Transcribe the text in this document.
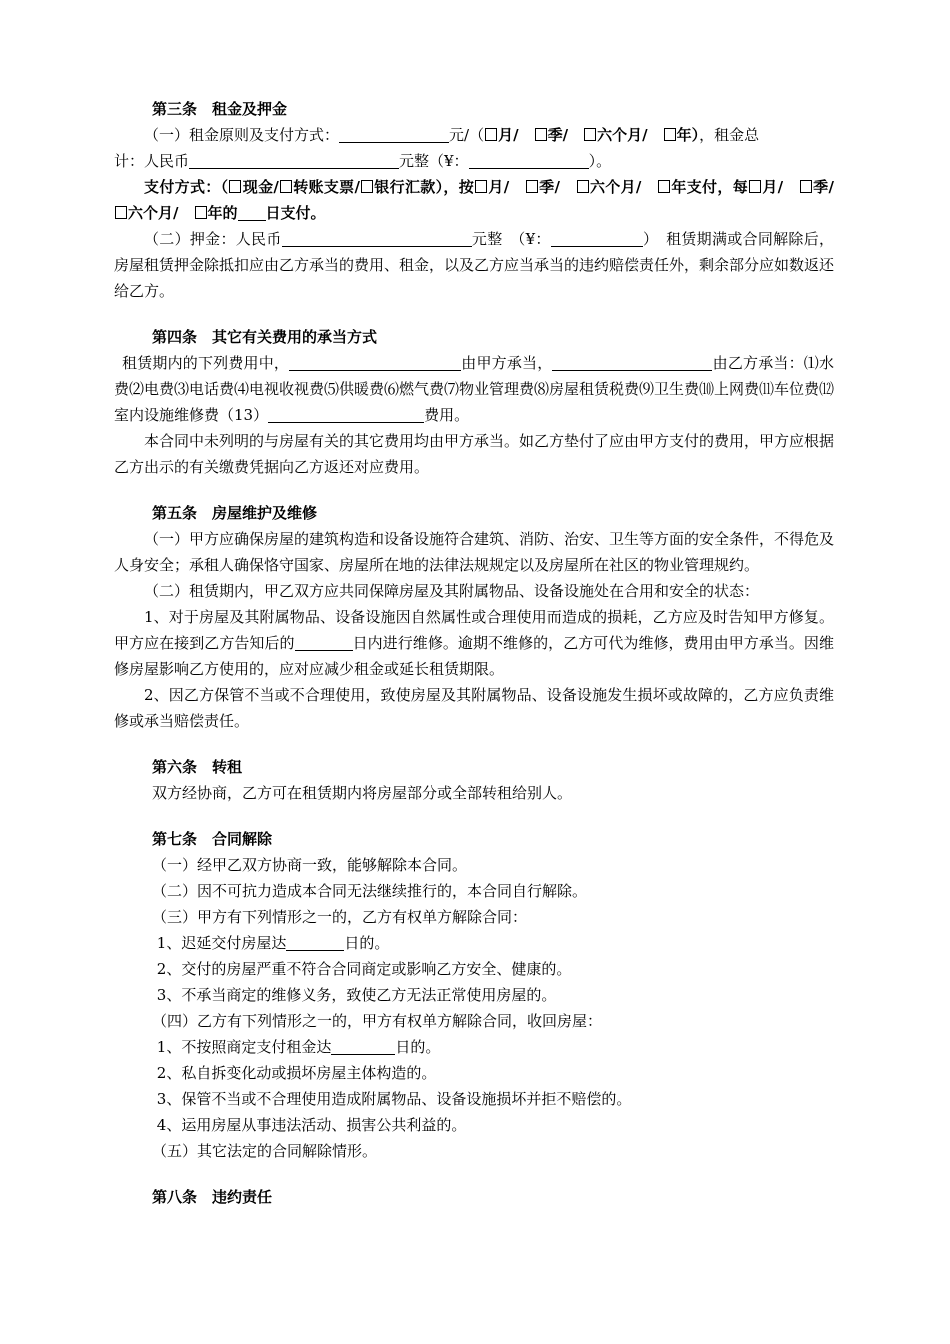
第三条　租金及押金

（一）租金原则及支付方式：	元/（ 月/　 季/　 六个月/　 年），租金总

计：人民币	元整（¥：	）。

支付方式：（ 现金/ 转账支票/ 银行汇款），按 月/　 季/　 六个月/　 年支付，每 月/　 季/　六个月/　 年的 日支付。

（二）押金：人民币	元整　（¥：	）　租赁期满或合同解除后，房屋租赁押金除抵扣应由乙方承当的费用、租金，以及乙方应当承当的违约赔偿责任外，剩余部分应如数返还给乙方。

第四条　其它有关费用的承当方式

租赁期内的下列费用中，	由甲方承当，	由乙方承当：⑴水费⑵电费⑶电话费⑷电视收视费⑸供暖费⑹燃气费⑺物业管理费⑻房屋租赁税费⑼卫生费⑽上网费⑾车位费⑿室内设施维修费（13）	费用。

本合同中未列明的与房屋有关的其它费用均由甲方承当。如乙方垫付了应由甲方支付的费用，甲方应根据乙方出示的有关缴费凭据向乙方返还对应费用。

第五条　房屋维护及维修

（一）甲方应确保房屋的建筑构造和设备设施符合建筑、消防、治安、卫生等方面的安全条件，不得危及人身安全；承租人确保恪守国家、房屋所在地的法律法规规定以及房屋所在社区的物业管理规约。

（二）租赁期内，甲乙双方应共同保障房屋及其附属物品、设备设施处在合用和安全的状态：

1、对于房屋及其附属物品、设备设施因自然属性或合理使用而造成的损耗，乙方应及时告知甲方修复。甲方应在接到乙方告知后的	日内进行维修。逾期不维修的，乙方可代为维修，费用由甲方承当。因维修房屋影响乙方使用的，应对应减少租金或延长租赁期限。

2、因乙方保管不当或不合理使用，致使房屋及其附属物品、设备设施发生损坏或故障的，乙方应负责维修或承当赔偿责任。

第六条　转租

双方经协商，乙方可在租赁期内将房屋部分或全部转租给别人。

第七条　合同解除

（一）经甲乙双方协商一致，能够解除本合同。

（二）因不可抗力造成本合同无法继续推行的，本合同自行解除。

（三）甲方有下列情形之一的，乙方有权单方解除合同：

1、迟延交付房屋达	日的。

2、交付的房屋严重不符合合同商定或影响乙方安全、健康的。

3、不承当商定的维修义务，致使乙方无法正常使用房屋的。

（四）乙方有下列情形之一的，甲方有权单方解除合同，收回房屋：

1、不按照商定支付租金达	日的。

2、私自拆变化动或损坏房屋主体构造的。

3、保管不当或不合理使用造成附属物品、设备设施损坏并拒不赔偿的。

4、运用房屋从事违法活动、损害公共利益的。

（五）其它法定的合同解除情形。

第八条　违约责任
